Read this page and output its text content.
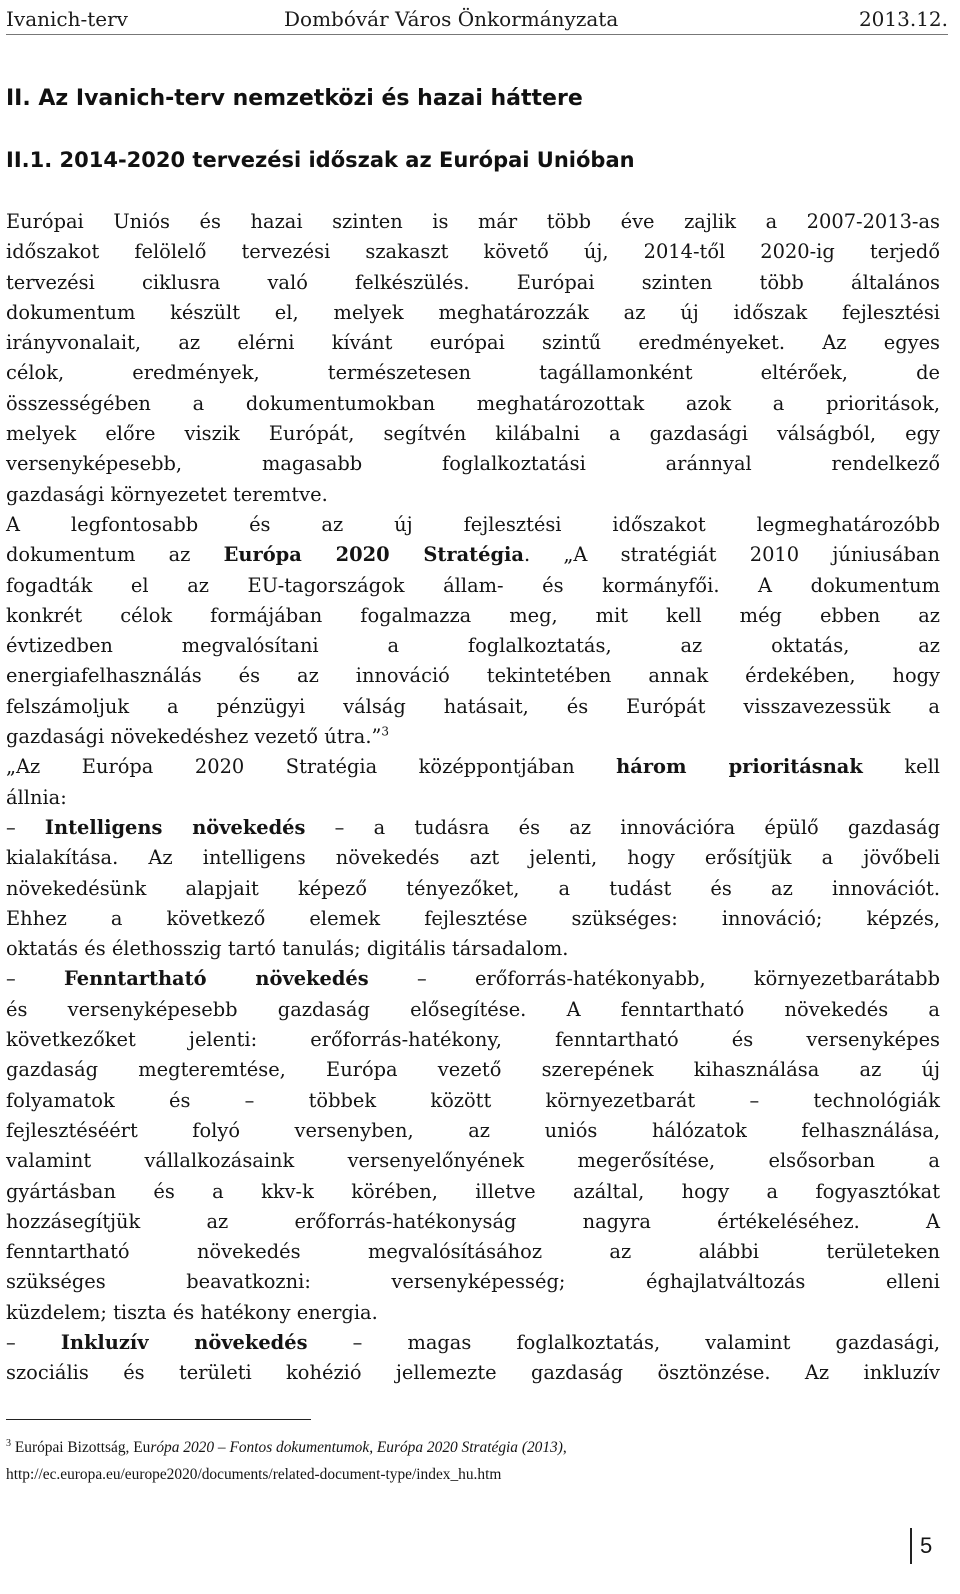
Ivanich-terv	Dombóvár Város Önkormányzata	2013.12.
II. Az Ivanich-terv nemzetközi és hazai háttere
II.1. 2014-2020 tervezési időszak az Európai Unióban
Európai Uniós és hazai szinten is már több éve zajlik a 2007-2013-as
időszakot felölelő tervezési szakaszt követő új, 2014-től 2020-ig terjedő
tervezési ciklusra való felkészülés. Európai szinten több általános
dokumentum készült el, melyek meghatározzák az új időszak fejlesztési
irányvonalait, az elérni kívánt európai szintű eredményeket. Az egyes
célok, eredmények, természetesen tagállamonként eltérőek, de
összességében a dokumentumokban meghatározottak azok a prioritások,
melyek előre viszik Európát, segítvén kilábalni a gazdasági válságból, egy
versenyképesebb, magasabb foglalkoztatási aránnyal rendelkező
gazdasági környezetet teremtve.
A legfontosabb és az új fejlesztési időszakot legmeghatározóbb
dokumentum az Európa 2020 Stratégia. „A stratégiát 2010 júniusában
fogadták el az EU-tagországok állam- és kormányfői. A dokumentum
konkrét célok formájában fogalmazza meg, mit kell még ebben az
évtizedben megvalósítani a foglalkoztatás, az oktatás, az
energiafelhasználás és az innováció tekintetében annak érdekében, hogy
felszámoljuk a pénzügyi válság hatásait, és Európát visszavezessük a
gazdasági növekedéshez vezető útra.”$^3$
„Az Európa 2020 Stratégia középpontjában három prioritásnak kell
állnia:
– Intelligens növekedés – a tudásra és az innovációra épülő gazdaság
kialakítása. Az intelligens növekedés azt jelenti, hogy erősítjük a jövőbeli
növekedésünk alapjait képező tényezőket, a tudást és az innovációt.
Ehhez a következő elemek fejlesztése szükséges: innováció; képzés,
oktatás és élethosszig tartó tanulás; digitális társadalom.
– Fenntartható növekedés – erőforrás-hatékonyabb, környezetbarátabb
és versenyképesebb gazdaság elősegítése. A fenntartható növekedés a
következőket jelenti: erőforrás-hatékony, fenntartható és versenyképes
gazdaság megteremtése, Európa vezető szerepének kihasználása az új
folyamatok és – többek között környezetbarát – technológiák
fejlesztéséért folyó versenyben, az uniós hálózatok felhasználása,
valamint vállalkozásaink versenyelőnyének megerősítése, elsősorban a
gyártásban és a kkv-k körében, illetve azáltal, hogy a fogyasztókat
hozzásegítjük az erőforrás-hatékonyság nagyra értékeléséhez. A
fenntartható növekedés megvalósításához az alábbi területeken
szükséges beavatkozni: versenyképesség; éghajlatváltozás elleni
küzdelem; tiszta és hatékony energia.
– Inkluzív növekedés – magas foglalkoztatás, valamint gazdasági,
szociális és területi kohézió jellemezte gazdaság ösztönzése. Az inkluzív
$^3$ Európai Bizottság, Európa 2020 – Fontos dokumentumok, Európa 2020 Stratégia (2013),
http://ec.europa.eu/europe2020/documents/related-document-type/index_hu.htm
5
